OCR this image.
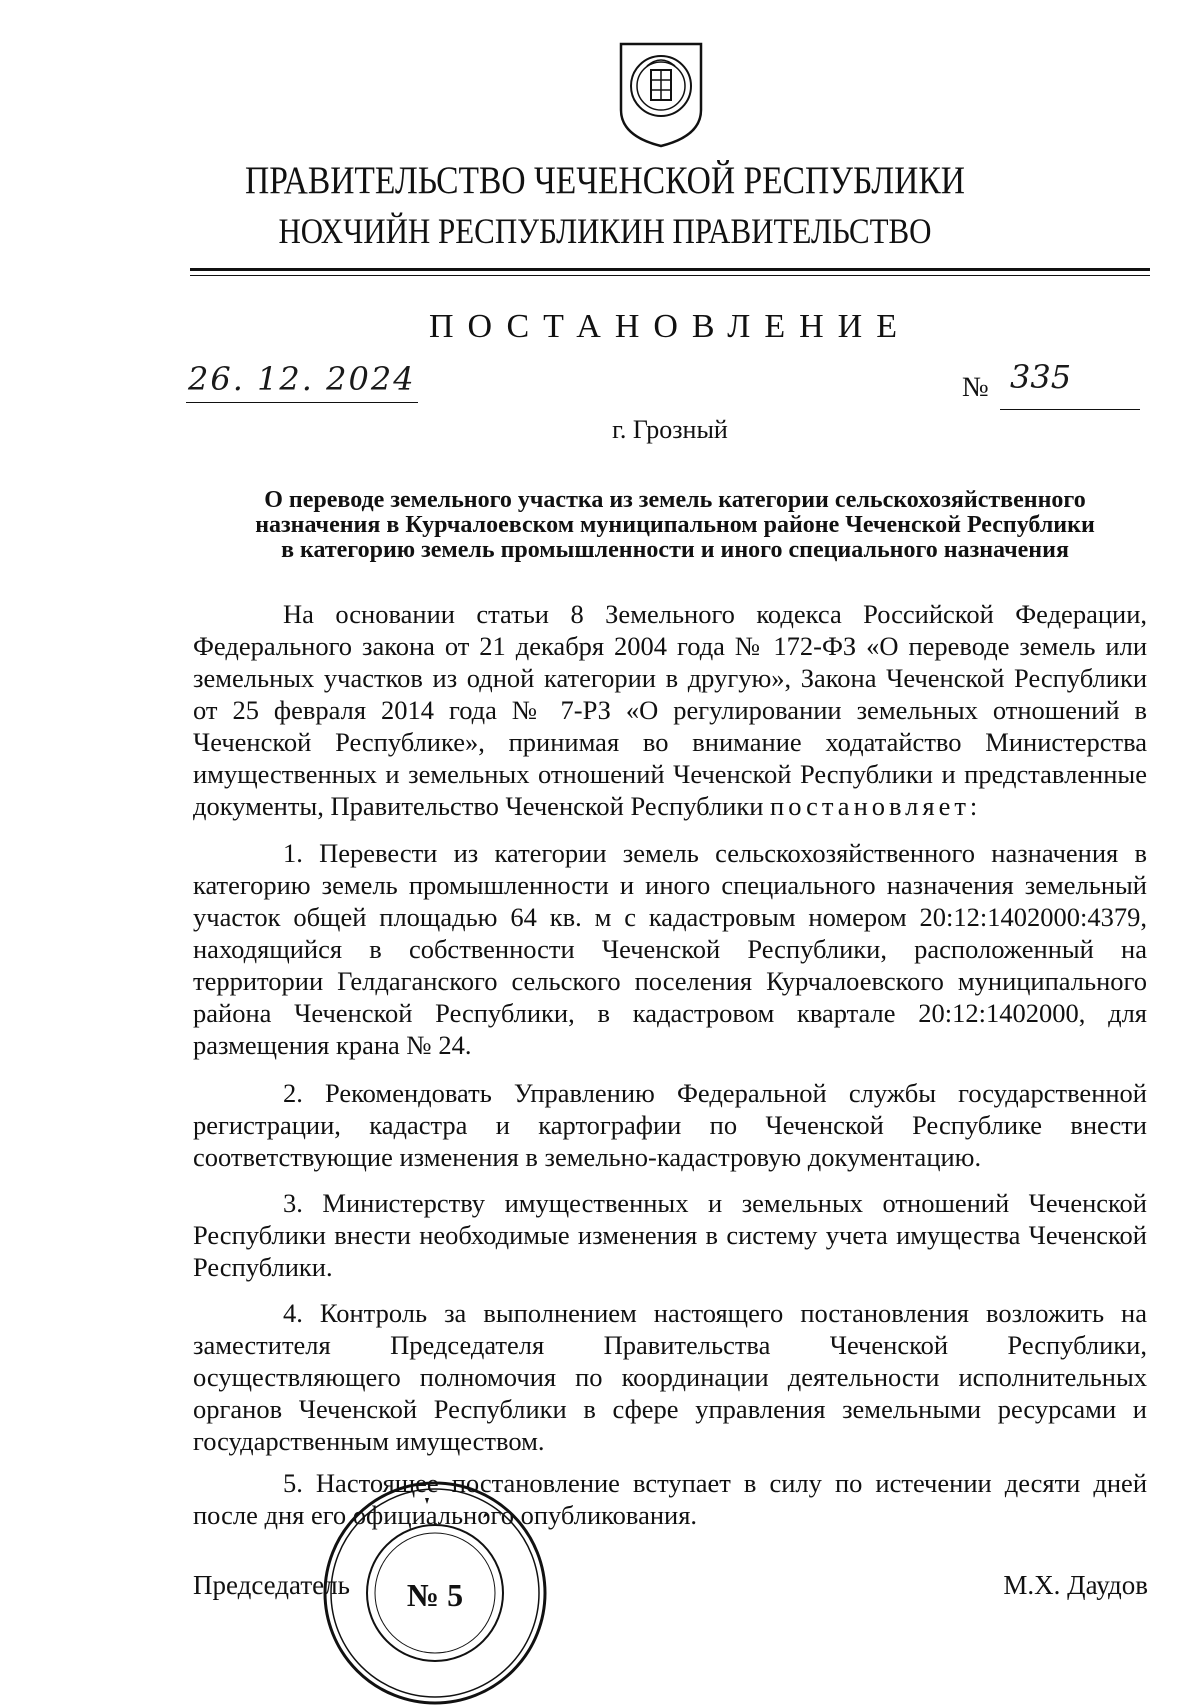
ПРАВИТЕЛЬСТВО ЧЕЧЕНСКОЙ РЕСПУБЛИКИ
НОХЧИЙН РЕСПУБЛИКИН ПРАВИТЕЛЬСТВО
ПОСТАНОВЛЕНИЕ
26. 12. 2024	№ 335
г. Грозный
О переводе земельного участка из земель категории сельскохозяйственного
назначения в Курчалоевском муниципальном районе Чеченской Республики
в категорию земель промышленности и иного специального назначения

На основании статьи 8 Земельного кодекса Российской Федерации, Федерального закона от 21 декабря 2004 года № 172-ФЗ «О переводе земель или земельных участков из одной категории в другую», Закона Чеченской Республики от 25 февраля 2014 года № 7-РЗ «О регулировании земельных отношений в Чеченской Республике», принимая во внимание ходатайство Министерства имущественных и земельных отношений Чеченской Республики и представленные документы, Правительство Чеченской Республики постановляет:

1. Перевести из категории земель сельскохозяйственного назначения в категорию земель промышленности и иного специального назначения земельный участок общей площадью 64 кв. м с кадастровым номером 20:12:1402000:4379, находящийся в собственности Чеченской Республики, расположенный на территории Гелдаганского сельского поселения Курчалоевского муниципального района Чеченской Республики, в кадастровом квартале 20:12:1402000, для размещения крана № 24.

2. Рекомендовать Управлению Федеральной службы государственной регистрации, кадастра и картографии по Чеченской Республике внести соответствующие изменения в земельно-кадастровую документацию.

3. Министерству имущественных и земельных отношений Чеченской Республики внести необходимые изменения в систему учета имущества Чеченской Республики.

4. Контроль за выполнением настоящего постановления возложить на заместителя Председателя Правительства Чеченской Республики, осуществляющего полномочия по координации деятельности исполнительных органов Чеченской Республики в сфере управления земельными ресурсами и государственным имуществом.

5. Настоящее постановление вступает в силу по истечении десяти дней после дня его официального опубликования.

Председатель	М.Х. Даудов
№ 5
